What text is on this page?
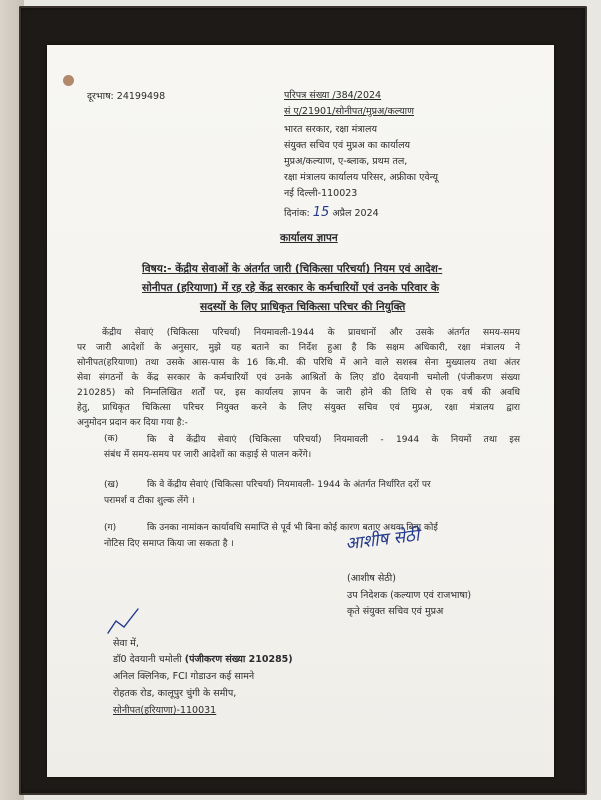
दूरभाष: 24199498	परिपत्र संख्या /384/2024
सं ए/21901/सोनीपत/मुप्रअ/कल्याण
भारत सरकार, रक्षा मंत्रालय
संयुक्त सचिव एवं मुप्रअ का कार्यालय
मुप्रअ/कल्याण, ए-ब्लाक, प्रथम तल,
रक्षा मंत्रालय कार्यालय परिसर, अफ्रीका एवेन्यू
नई दिल्ली-110023
दिनांक: 15 अप्रैल 2024
कार्यालय ज्ञापन
विषय:- केंद्रीय सेवाओं के अंतर्गत जारी (चिकित्सा परिचर्या) नियम एवं आदेश-
सोनीपत (हरियाणा) में रह रहे केंद्र सरकार के कर्मचारियों एवं उनके परिवार के
सदस्यों के लिए प्राधिकृत चिकित्सा परिचर की नियुक्ति
केंद्रीय सेवाएं (चिकित्सा परिचर्या) नियमावली-1944 के प्रावधानों और उसके अंतर्गत समय-समय
पर जारी आदेशों के अनुसार, मुझे यह बताने का निर्देश हुआ है कि सक्षम अधिकारी, रक्षा मंत्रालय ने
सोनीपत(हरियाणा) तथा उसके आस-पास के 16 कि.मी. की परिधि में आने वाले सशस्त्र सेना मुख्यालय तथा अंतर
सेवा संगठनों के केंद्र सरकार के कर्मचारियों एवं उनके आश्रितों के लिए डॉ0 देवयानी चमोली (पंजीकरण संख्या
210285) को निम्नलिखित शर्तों पर, इस कार्यालय ज्ञापन के जारी होने की तिथि से एक वर्ष की अवधि
हेतु, प्राधिकृत चिकित्सा परिचर नियुक्त करने के लिए संयुक्त सचिव एवं मुप्रअ, रक्षा मंत्रालय द्वारा
अनुमोदन प्रदान कर दिया गया है:-
(क)	कि वे केंद्रीय सेवाएं (चिकित्सा परिचर्या) नियमावली - 1944 के नियमों तथा इस
संबंध में समय-समय पर जारी आदेशों का कड़ाई से पालन करेंगे।
(ख)	कि वे केंद्रीय सेवाएं (चिकित्सा परिचर्या) नियमावली- 1944 के अंतर्गत निर्धारित दरों पर
परामर्श व टीका शुल्क लेंगे ।
(ग)	कि उनका नामांकन कार्यावधि समाप्ति से पूर्व भी बिना कोई कारण बताए अथवा बिना कोई
नोटिस दिए समाप्त किया जा सकता है ।	आशीष सेठी
(आशीष सेठी)
उप निदेशक (कल्याण एवं राजभाषा)
कृते संयुक्त सचिव एवं मुप्रअ
सेवा में,
डॉ0 देवयानी चमोली (पंजीकरण संख्या 210285)
अनिल क्लिनिक, FCI गोडाउन कई सामने
रोहतक रोड, कालूपुर चुंगी के समीप,
सोनीपत(हरियाणा)-110031
